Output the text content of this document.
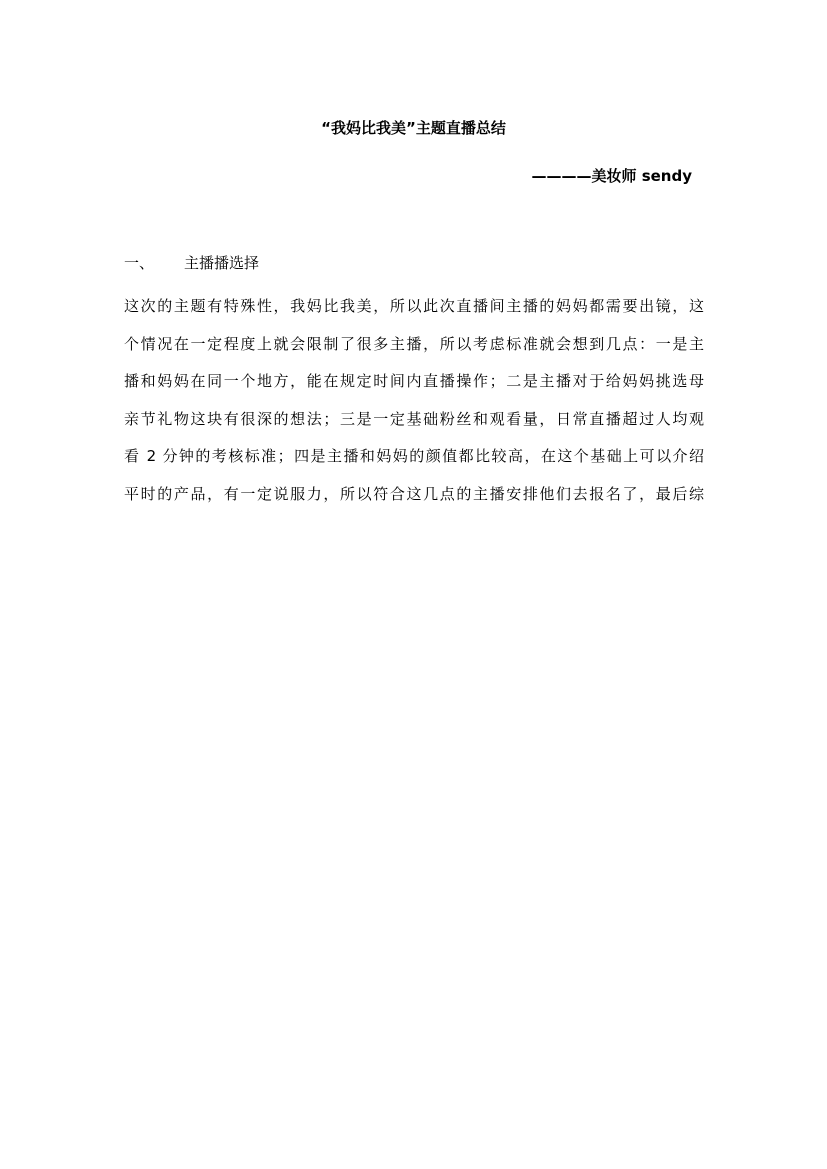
“我妈比我美”主题直播总结
————美妆师 sendy
一、 主播播选择
这次的主题有特殊性，我妈比我美，所以此次直播间主播的妈妈都需要出镜，这
个情况在一定程度上就会限制了很多主播，所以考虑标准就会想到几点：一是主
播和妈妈在同一个地方，能在规定时间内直播操作；二是主播对于给妈妈挑选母
亲节礼物这块有很深的想法；三是一定基础粉丝和观看量，日常直播超过人均观
看 2 分钟的考核标准；四是主播和妈妈的颜值都比较高，在这个基础上可以介绍
平时的产品，有一定说服力，所以符合这几点的主播安排他们去报名了，最后综
